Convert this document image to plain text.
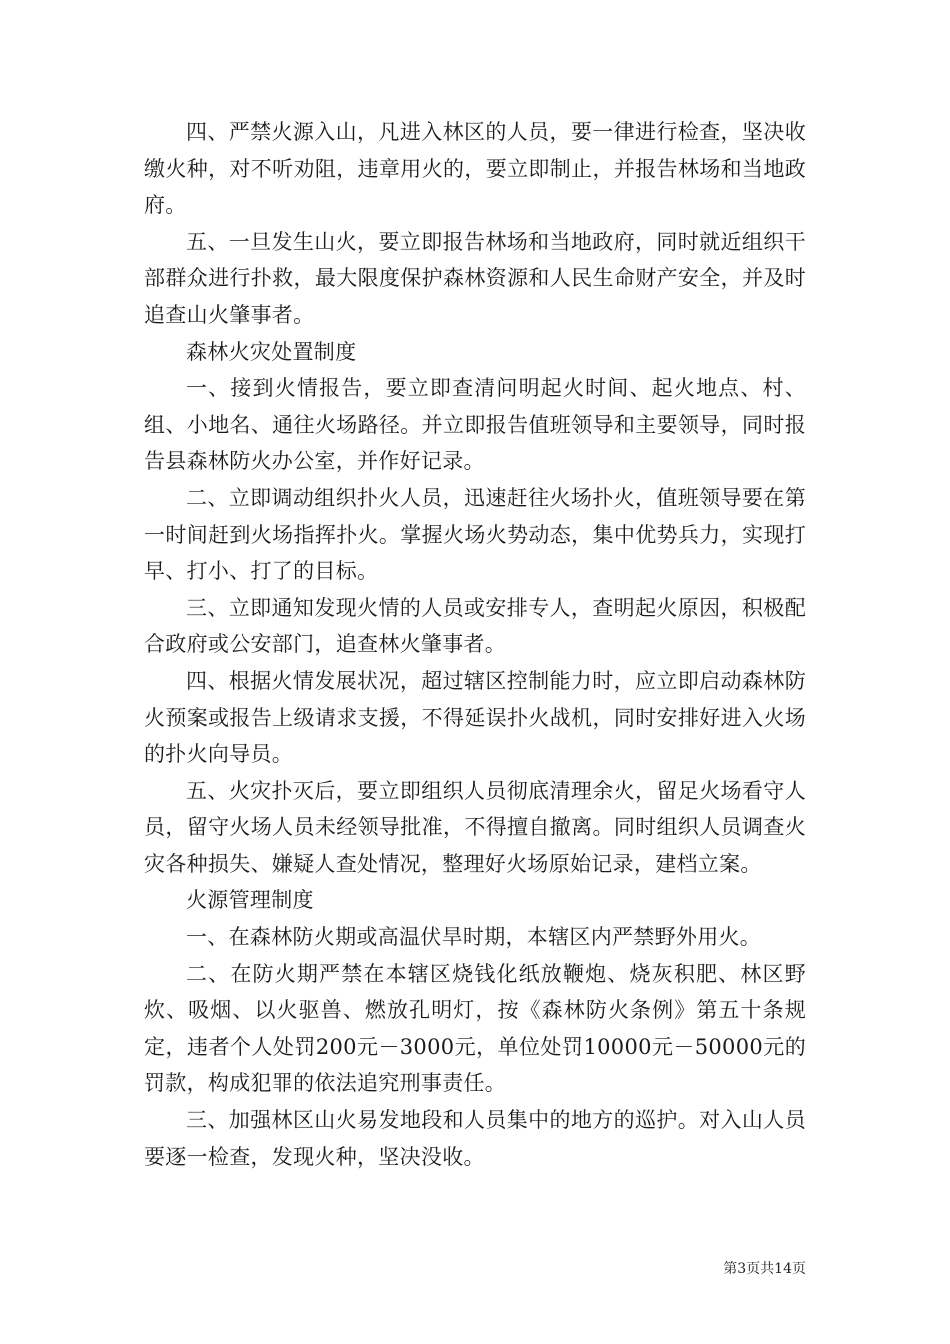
四、严禁火源入山，凡进入林区的人员，要一律进行检查，坚决收缴火种，对不听劝阻，违章用火的，要立即制止，并报告林场和当地政府。

五、一旦发生山火，要立即报告林场和当地政府，同时就近组织干部群众进行扑救，最大限度保护森林资源和人民生命财产安全，并及时追查山火肇事者。

森林火灾处置制度

一、接到火情报告，要立即查清问明起火时间、起火地点、村、组、小地名、通往火场路径。并立即报告值班领导和主要领导，同时报告县森林防火办公室，并作好记录。

二、立即调动组织扑火人员，迅速赶往火场扑火，值班领导要在第一时间赶到火场指挥扑火。掌握火场火势动态，集中优势兵力，实现打早、打小、打了的目标。

三、立即通知发现火情的人员或安排专人，查明起火原因，积极配合政府或公安部门，追查林火肇事者。

四、根据火情发展状况，超过辖区控制能力时，应立即启动森林防火预案或报告上级请求支援，不得延误扑火战机，同时安排好进入火场的扑火向导员。

五、火灾扑灭后，要立即组织人员彻底清理余火，留足火场看守人员，留守火场人员未经领导批准，不得擅自撤离。同时组织人员调查火灾各种损失、嫌疑人查处情况，整理好火场原始记录，建档立案。

火源管理制度

一、在森林防火期或高温伏旱时期，本辖区内严禁野外用火。

二、在防火期严禁在本辖区烧钱化纸放鞭炮、烧灰积肥、林区野炊、吸烟、以火驱兽、燃放孔明灯，按《森林防火条例》第五十条规定，违者个人处罚200元－3000元，单位处罚10000元－50000元的罚款，构成犯罪的依法追究刑事责任。

三、加强林区山火易发地段和人员集中的地方的巡护。对入山人员要逐一检查，发现火种，坚决没收。

第3页共14页
